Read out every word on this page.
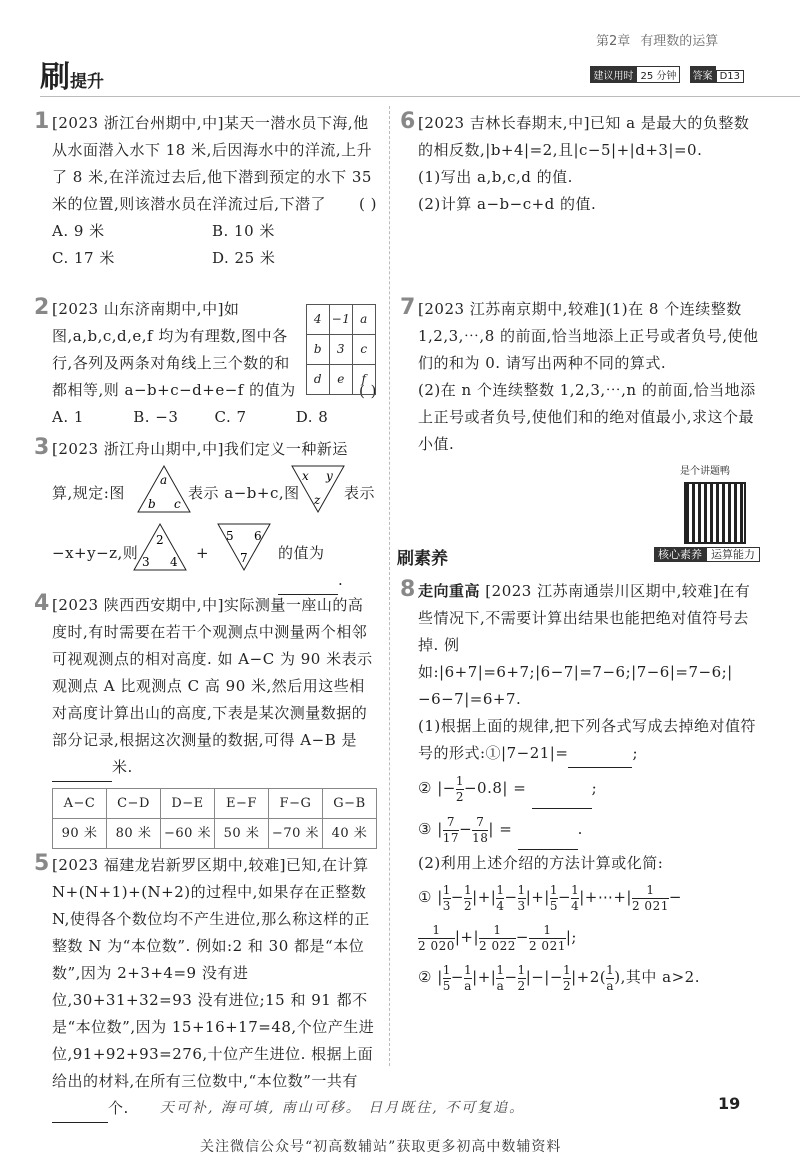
第2章 有理数的运算
刷提升	建议用时 25 分钟 答案 D13
1 [2023 浙江台州期中,中]某天一潜水员下海,他从水面潜入水下 18 米,后因海水中的洋流,上升了 8 米,在洋流过去后,他下潜到预定的水下 35 米的位置,则该潜水员在洋流过后,下潜了 ( )
A. 9 米	B. 10 米
C. 17 米	D. 25 米
2 [2023 山东济南期中,中]如图,a,b,c,d,e,f 均为有理数,图中各行,各列及两条对角线上三个数的和都相等,则 a−b+c−d+e−f 的值为	( )
4	−1	a
b	3	c
d	e	f
A. 1	B. −3	C. 7	D. 8
3 [2023 浙江舟山期中,中]我们定义一种新运
算,规定:图
a
b c
表示 a−b+c,图
x y
z 表示
−x+y−z,则
2
3 4 +
5 6
7 的值为 .
4 [2023 陕西西安期中,中]实际测量一座山的高度时,有时需要在若干个观测点中测量两个相邻可视观测点的相对高度. 如 A−C 为 90 米表示观测点 A 比观测点 C 高 90 米,然后用这些相对高度计算出山的高度,下表是某次测量数据的部分记录,根据这次测量的数据,可得 A−B 是  米.
A−C	C−D	D−E	E−F	F−G	G−B
90 米	80 米	−60 米	50 米	−70 米	40 米
5 [2023 福建龙岩新罗区期中,较难]已知,在计算 N+(N+1)+(N+2)的过程中,如果存在正整数 N,使得各个数位均不产生进位,那么称这样的正整数 N 为“本位数”. 例如:2 和 30 都是“本位数”,因为 2+3+4=9 没有进位,30+31+32=93 没有进位;15 和 91 都不是“本位数”,因为 15+16+17=48,个位产生进位,91+92+93=276,十位产生进位. 根据上面给出的材料,在所有三位数中,“本位数”一共有  个.
6 [2023 吉林长春期末,中]已知 a 是最大的负整数的相反数,|b+4|=2,且|c−5|+|d+3|=0.
(1)写出 a,b,c,d 的值.
(2)计算 a−b−c+d 的值.
7 [2023 江苏南京期中,较难](1)在 8 个连续整数 1,2,3,⋯,8 的前面,恰当地添上正号或者负号,使他们的和为 0. 请写出两种不同的算式.
(2)在 n 个连续整数 1,2,3,⋯,n 的前面,恰当地添上正号或者负号,使他们和的绝对值最小,求这个最小值.
是个讲题鸭
刷素养	核心素养 运算能力
8 走向重高 [2023 江苏南通崇川区期中,较难]在有些情况下,不需要计算出结果也能把绝对值符号去掉. 例如:|6+7|=6+7;|6−7|=7−6;|7−6|=7−6;|−6−7|=6+7.
(1)根据上面的规律,把下列各式写成去掉绝对值符号的形式:①|7−21|=	;
② |− $\frac{1}{2} -0.8|$ =	;
③ | $\frac{7}{17} - \frac{7}{18}$ | =	.
(2)利用上述介绍的方法计算或化简:
① | $\frac{1}{3} - \frac{1}{2}$ |+| $\frac{1}{4} - \frac{1}{3}$ |+| $\frac{1}{5} - \frac{1}{4}$ |+⋯+| $\frac{1}{2 021}$ −
$\frac{1}{2 020}$ |+| $\frac{1}{2 022} - \frac{1}{2 021}$ |;
② | $\frac{1}{5} - \frac{1}{a}$ |+| $\frac{1}{a} - \frac{1}{2}$ |−|− $\frac{1}{2} |+2( \frac{1}{a}$ ),其中 a>2.
天可补, 海可填, 南山可移。 日月既往, 不可复追。	19
关注微信公众号“初高数辅站”获取更多初高中数辅资料
